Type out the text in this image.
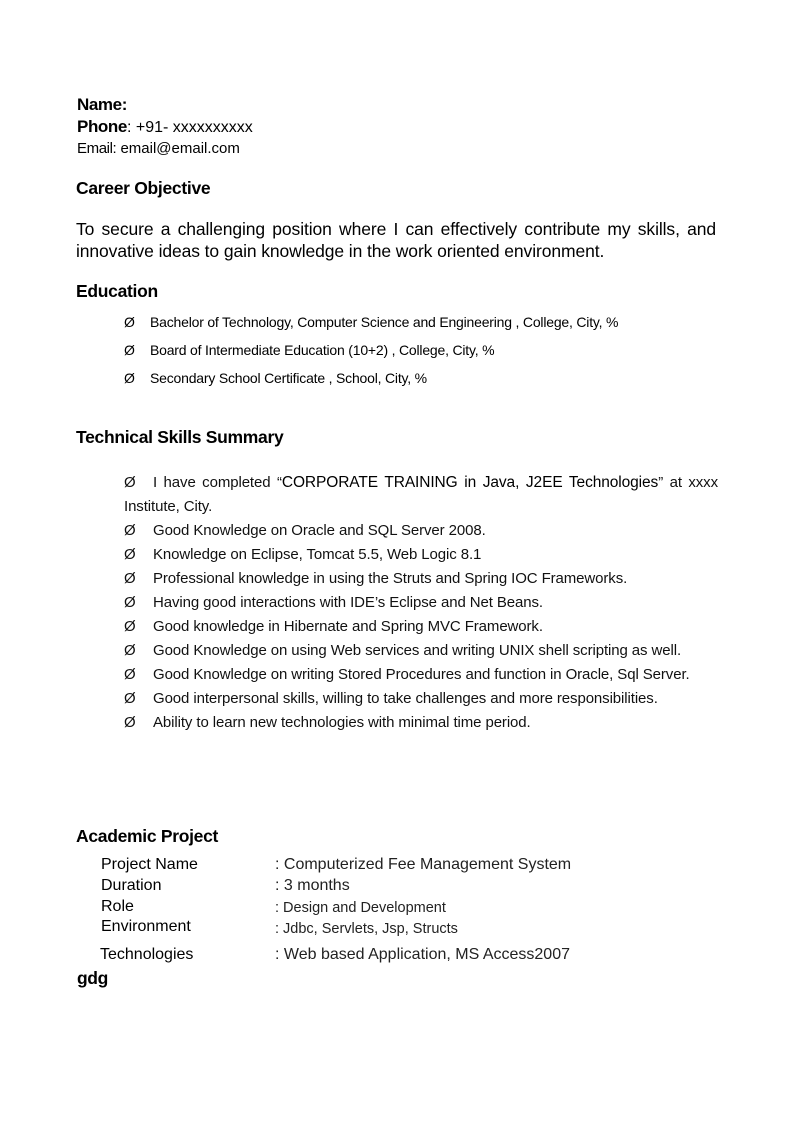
Name:
Phone: +91- xxxxxxxxxx
Email: email@email.com
Career Objective
To secure a challenging position where I can effectively contribute my skills, and innovative ideas to gain knowledge in the work oriented environment.
Education
Ø Bachelor of Technology, Computer Science and Engineering , College, City, %
Ø Board of Intermediate Education (10+2) , College, City, %
Ø Secondary School Certificate , School, City, %
Technical Skills Summary
Ø I have completed “CORPORATE TRAINING in Java, J2EE Technologies” at xxxx Institute, City.
Ø Good Knowledge on Oracle and SQL Server 2008.
Ø Knowledge on Eclipse, Tomcat 5.5, Web Logic 8.1
Ø Professional knowledge in using the Struts and Spring IOC Frameworks.
Ø Having good interactions with IDE’s Eclipse and Net Beans.
Ø Good knowledge in Hibernate and Spring MVC Framework.
Ø Good Knowledge on using Web services and writing UNIX shell scripting as well.
Ø Good Knowledge on writing Stored Procedures and function in Oracle, Sql Server.
Ø Good interpersonal skills, willing to take challenges and more responsibilities.
Ø Ability to learn new technologies with minimal time period.
Academic Project
Project Name	: Computerized Fee Management System
Duration	: 3 months
Role	: Design and Development
Environment	: Jdbc, Servlets, Jsp, Structs
Technologies	: Web based Application, MS Access2007
gdg
